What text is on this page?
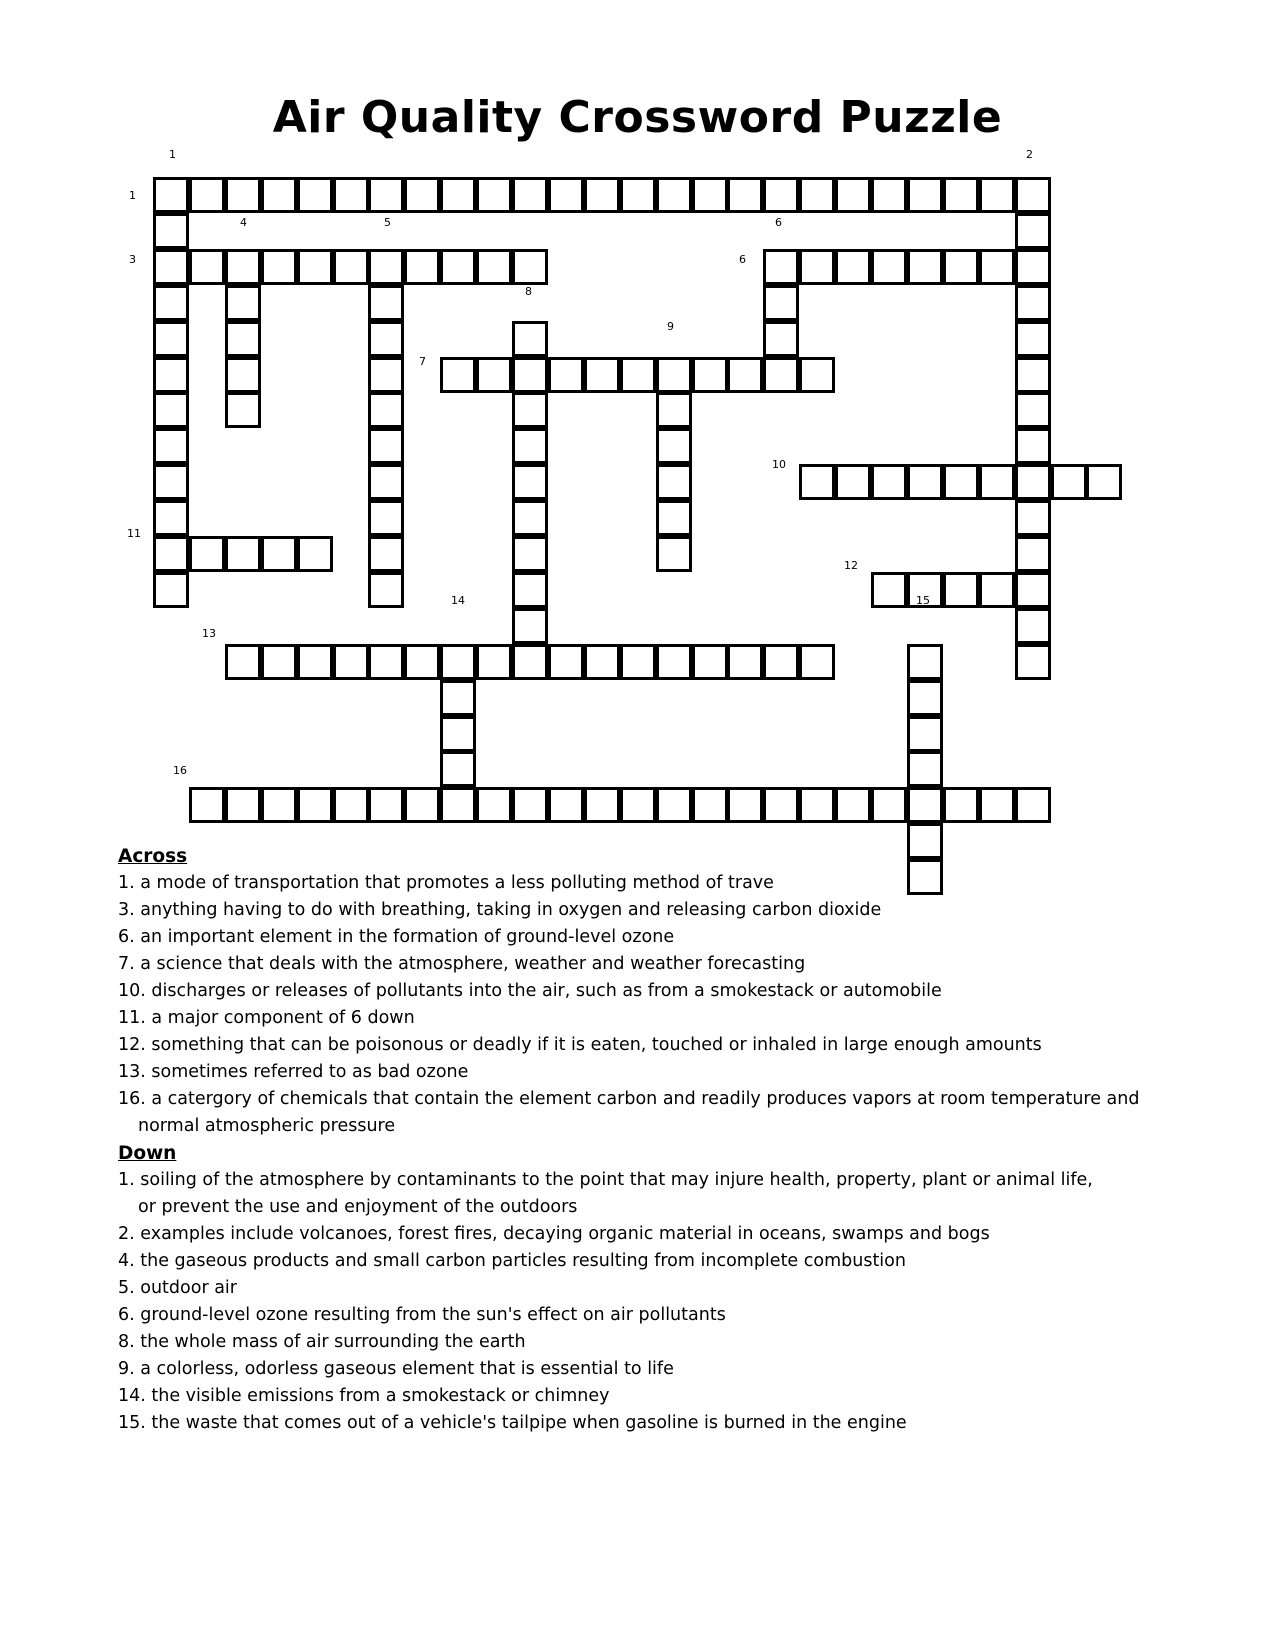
Air Quality Crossword Puzzle
1	2
1
4	5	6
3	6
8
9
7
10
11
12
14	15
13
16
Across
1. a mode of transportation that promotes a less polluting method of trave
3. anything having to do with breathing, taking in oxygen and releasing carbon dioxide
6. an important element in the formation of ground-level ozone
7. a science that deals with the atmosphere, weather and weather forecasting
10. discharges or releases of pollutants into the air, such as from a smokestack or automobile
11. a major component of 6 down
12. something that can be poisonous or deadly if it is eaten, touched or inhaled in large enough amounts
13. sometimes referred to as bad ozone
16. a catergory of chemicals that contain the element carbon and readily produces vapors at room temperature and
normal atmospheric pressure
Down
1. soiling of the atmosphere by contaminants to the point that may injure health, property, plant or animal life,
or prevent the use and enjoyment of the outdoors
2. examples include volcanoes, forest fires, decaying organic material in oceans, swamps and bogs
4. the gaseous products and small carbon particles resulting from incomplete combustion
5. outdoor air
6. ground-level ozone resulting from the sun's effect on air pollutants
8. the whole mass of air surrounding the earth
9. a colorless, odorless gaseous element that is essential to life
14. the visible emissions from a smokestack or chimney
15. the waste that comes out of a vehicle's tailpipe when gasoline is burned in the engine
